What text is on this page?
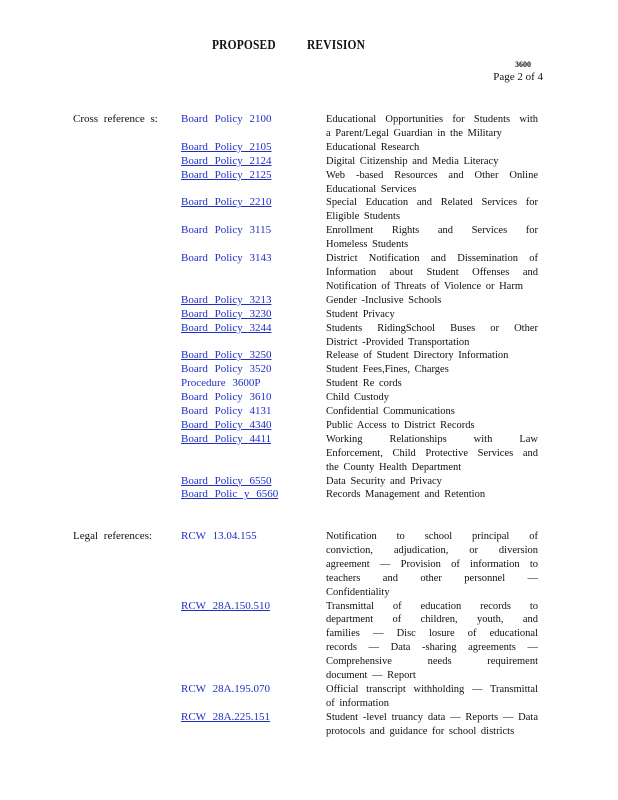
PROPOSED REVISION
3600
Page 2 of 4
Cross reference s: Board Policy 2100	Educational Opportunities for Students with
a Parent/Legal Guardian in the Military
Board Policy 2105	Educational Research
Board Policy 2124	Digital Citizenship and Media Literacy
Board Policy 2125	Web -based Resources and Other Online
Educational Services
Board Policy 2210	Special Education and Related Services for
Eligible Students
Board Policy 3115	Enrollment Rights and Services for
Homeless Students
Board Policy 3143	District Notification and Dissemination of
Information about Student Offenses and
Notification of Threats of Violence or Harm
Board Policy 3213	Gender -Inclusive Schools
Board Policy 3230	Student Privacy
Board Policy 3244	Students RidingSchool Buses or Other
District -Provided Transportation
Board Policy 3250	Release of Student Directory Information
Board Policy 3520	Student Fees,Fines, Charges
Procedure 3600P	Student Re cords
Board Policy 3610	Child Custody
Board Policy 4131	Confidential Communications
Board Policy 4340	Public Access to District Records
Board Policy 4411	Working Relationships with Law
Enforcement, Child Protective Services and
the County Health Department
Board Policy 6550	Data Security and Privacy
Board Polic y 6560	Records Management and Retention
Legal references:	RCW 13.04.155	Notification to school principal of
conviction, adjudication, or diversion
agreement — Provision of information to
teachers and other personnel —
Confidentiality
RCW 28A.150.510	Transmittal of education records to
department of children, youth, and
families — Disc losure of educational
records — Data -sharing agreements —
Comprehensive needs requirement
document — Report
RCW 28A.195.070	Official transcript withholding — Transmittal
of information
RCW 28A.225.151	Student -level truancy data — Reports — Data
protocols and guidance for school districts
